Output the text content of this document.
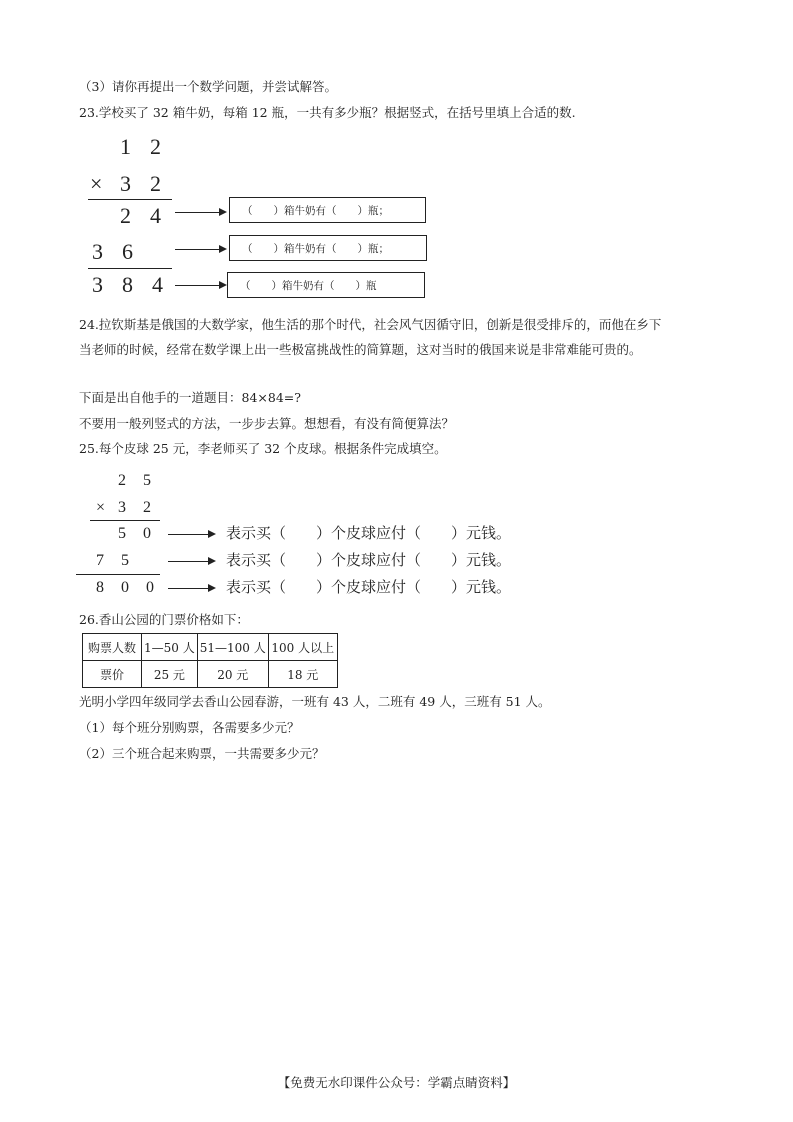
（3）请你再提出一个数学问题，并尝试解答。
23.学校买了 32 箱牛奶，每箱 12 瓶，一共有多少瓶？根据竖式，在括号里填上合适的数.
1 2
× 3 2
2 4
3 6
3 8 4
（　　）箱牛奶有（　　）瓶；
（　　）箱牛奶有（　　）瓶；
（　　）箱牛奶有（　　）瓶
24.拉钦斯基是俄国的大数学家，他生活的那个时代，社会风气因循守旧，创新是很受排斥的，而他在乡下
当老师的时候，经常在数学课上出一些极富挑战性的简算题，这对当时的俄国来说是非常难能可贵的。
下面是出自他手的一道题目：84×84=?
不要用一般列竖式的方法，一步步去算。想想看，有没有简便算法？
25.每个皮球 25 元，李老师买了 32 个皮球。根据条件完成填空。
2 5
× 3 2
5 0
7 5
8 0 0
表示买（　　）个皮球应付（　　）元钱。
表示买（　　）个皮球应付（　　）元钱。
表示买（　　）个皮球应付（　　）元钱。
26.香山公园的门票价格如下：
购票人数	1—50 人	51—100 人	100 人以上
票价	25 元	20 元	18 元
光明小学四年级同学去香山公园春游，一班有 43 人，二班有 49 人，三班有 51 人。
（1）每个班分别购票，各需要多少元？
（2）三个班合起来购票，一共需要多少元？
【免费无水印课件公众号：学霸点睛资料】
